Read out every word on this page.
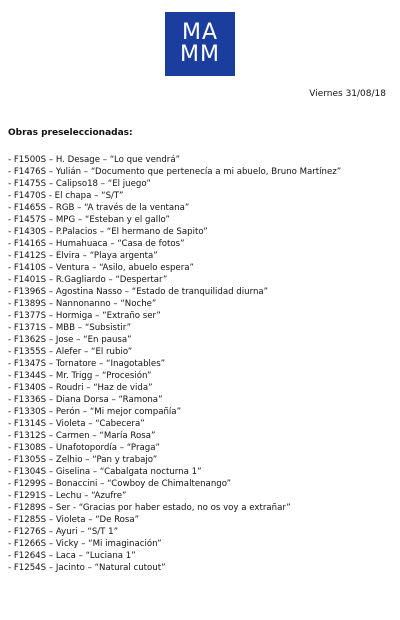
MA
MM
Viernes 31/08/18
Obras preseleccionadas:
- F1500S – H. Desage – “Lo que vendrá”
- F1476S – Yulián – “Documento que pertenecía a mi abuelo, Bruno Martínez”
- F1475S – Calipso18 – “El juego”
- F1470S - El chapa – “S/T”
- F1465S – RGB – “A través de la ventana”
- F1457S – MPG – “Esteban y el gallo”
- F1430S – P.Palacios – “El hermano de Sapito”
- F1416S – Humahuaca – “Casa de fotos”
- F1412S – Elvira – “Playa argenta”
- F1410S – Ventura – “Asilo, abuelo espera”
- F1401S – R.Gagliardo – “Despertar”
- F1396S – Agostina Nasso – “Estado de tranquilidad diurna”
- F1389S – Nannonanno – “Noche”
- F1377S – Hormiga – “Extraño ser”
- F1371S – MBB – “Subsistir”
- F1362S – Jose – “En pausa”
- F1355S – Alefer – “El rubio”
- F1347S – Tornatore – “Inagotables”
- F1344S – Mr. Trigg – “Procesión”
- F1340S – Roudri – “Haz de vida”
- F1336S – Diana Dorsa – “Ramona”
- F1330S – Perón – “Mi mejor compañía”
- F1314S – Violeta – “Cabecera”
- F1312S – Carmen – “María Rosa”
- F1308S – Unafotopordía – “Praga”
- F1305S – Zelhio – “Pan y trabajo”
- F1304S – Giselina – “Cabalgata nocturna 1”
- F1299S – Bonaccini – “Cowboy de Chimaltenango”
- F1291S – Lechu – “Azufre”
- F1289S – Ser - “Gracias por haber estado, no os voy a extrañar”
- F1285S – Violeta – “De Rosa”
- F1276S – Ayuri – “S/T 1”
- F1266S – Vicky – “Mi imaginación”
- F1264S – Laca – “Luciana 1”
- F1254S – Jacinto – “Natural cutout”
